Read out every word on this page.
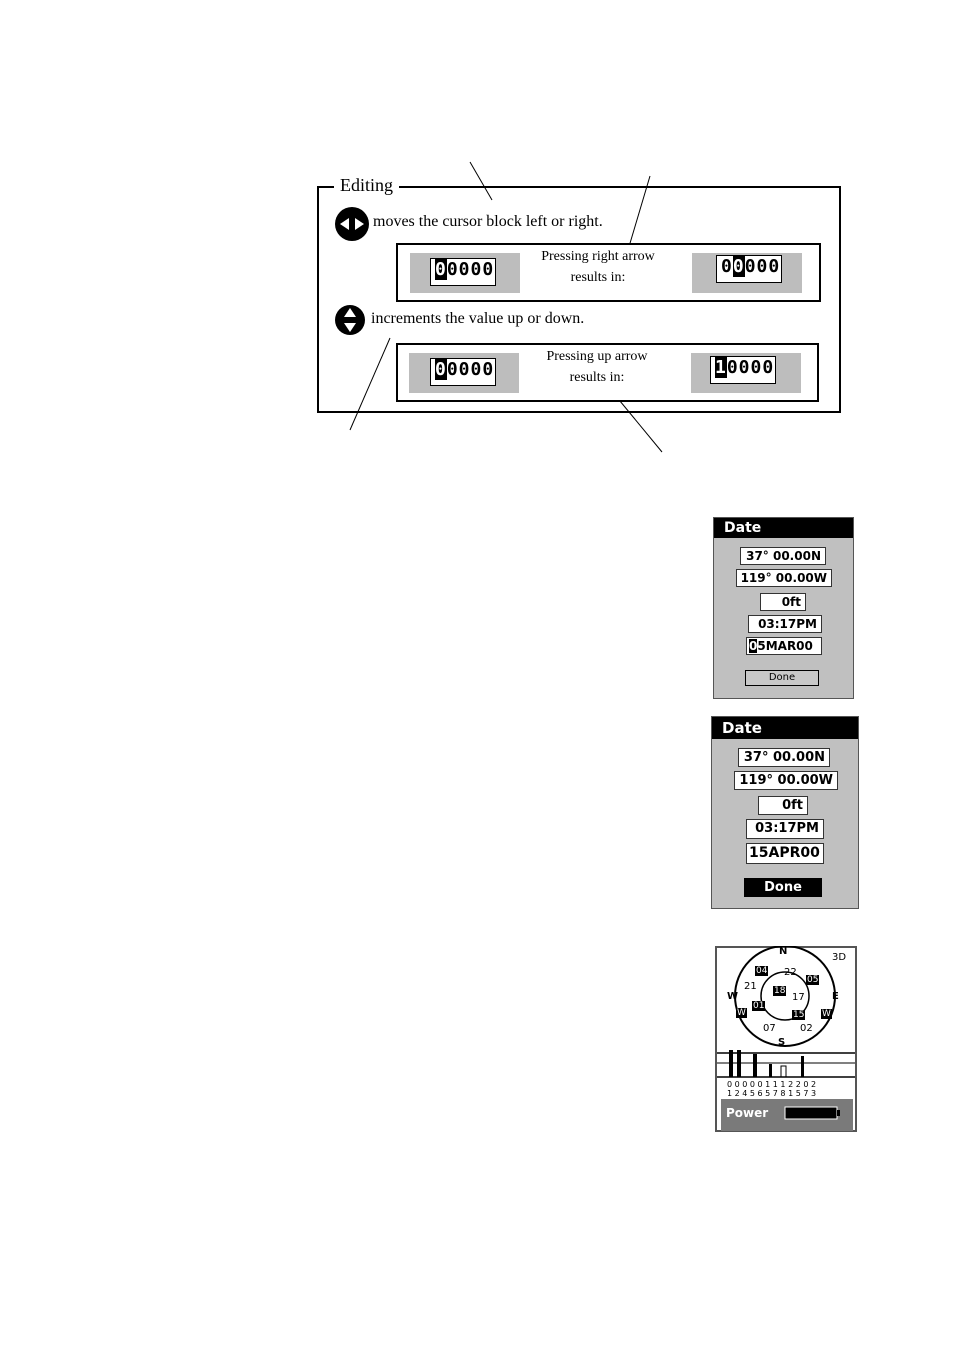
Editing
moves the cursor block left or right.
00000
Pressing right arrow
results in:
00000
increments the value up or down.
00000
Pressing up arrow
results in:	10000
Date
37° 00.00N
119° 00.00W
0ft
03:17PM
05MAR00
Done
Date
37° 00.00N
119° 00.00W
0ft
03:17PM
15APR00
Done
N
S
E
W
3D
04 22
05
21 18
17
01
15
07 02
W	W
0 0 0 0 0 1 1 1 2 2 0 2
1 2 4 5 6 5 7 8 1 5 7 3
Power
